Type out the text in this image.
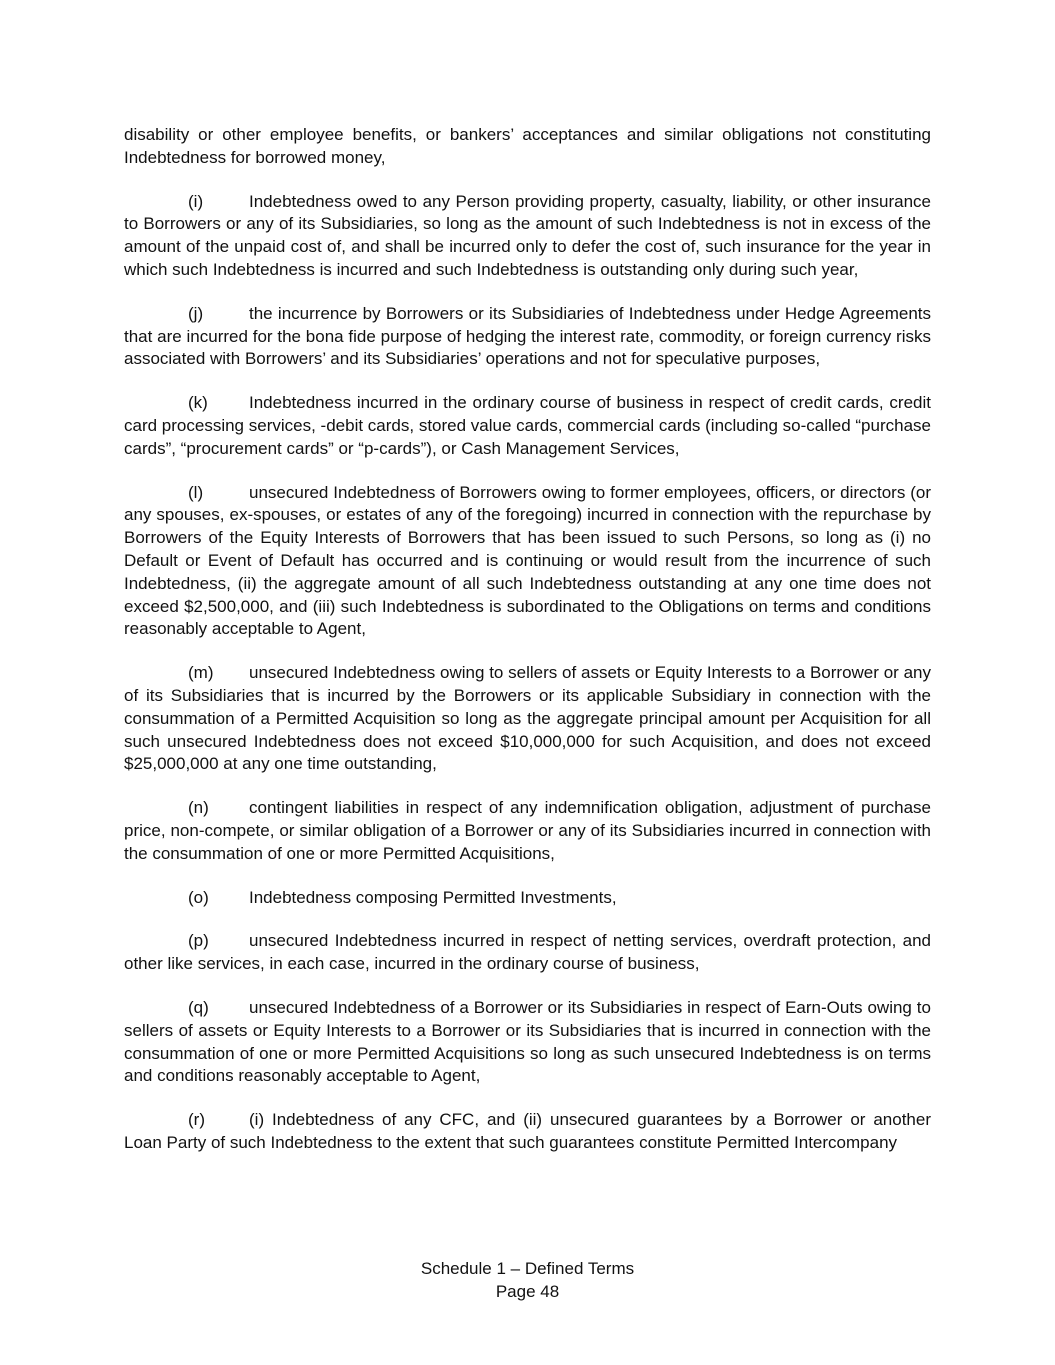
disability or other employee benefits, or bankers’ acceptances and similar obligations not constituting Indebtedness for borrowed money,

(i)	Indebtedness owed to any Person providing property, casualty, liability, or other insurance to Borrowers or any of its Subsidiaries, so long as the amount of such Indebtedness is not in excess of the amount of the unpaid cost of, and shall be incurred only to defer the cost of, such insurance for the year in which such Indebtedness is incurred and such Indebtedness is outstanding only during such year,

(j)	the incurrence by Borrowers or its Subsidiaries of Indebtedness under Hedge Agreements that are incurred for the bona fide purpose of hedging the interest rate, commodity, or foreign currency risks associated with Borrowers’ and its Subsidiaries’ operations and not for speculative purposes,

(k) Indebtedness incurred in the ordinary course of business in respect of credit cards, credit card processing services, -debit cards, stored value cards, commercial cards (including so-called “purchase cards”, “procurement cards” or “p-cards”), or Cash Management Services,

(l)	unsecured Indebtedness of Borrowers owing to former employees, officers, or directors (or any spouses, ex-spouses, or estates of any of the foregoing) incurred in connection with the repurchase by Borrowers of the Equity Interests of Borrowers that has been issued to such Persons, so long as (i) no Default or Event of Default has occurred and is continuing or would result from the incurrence of such Indebtedness, (ii) the aggregate amount of all such Indebtedness outstanding at any one time does not exceed $2,500,000, and (iii) such Indebtedness is subordinated to the Obligations on terms and conditions reasonably acceptable to Agent,

(m) unsecured Indebtedness owing to sellers of assets or Equity Interests to a Borrower or any of its Subsidiaries that is incurred by the Borrowers or its applicable Subsidiary in connection with the consummation of a Permitted Acquisition so long as the aggregate principal amount per Acquisition for all such unsecured Indebtedness does not exceed $10,000,000 for such Acquisition, and does not exceed $25,000,000 at any one time outstanding,

(n) contingent liabilities in respect of any indemnification obligation, adjustment of purchase price, non-compete, or similar obligation of a Borrower or any of its Subsidiaries incurred in connection with the consummation of one or more Permitted Acquisitions,

(o) Indebtedness composing Permitted Investments,

(p) unsecured Indebtedness incurred in respect of netting services, overdraft protection, and other like services, in each case, incurred in the ordinary course of business,

(q) unsecured Indebtedness of a Borrower or its Subsidiaries in respect of Earn-Outs owing to sellers of assets or Equity Interests to a Borrower or its Subsidiaries that is incurred in connection with the consummation of one or more Permitted Acquisitions so long as such unsecured Indebtedness is on terms and conditions reasonably acceptable to Agent,

(r)	(i) Indebtedness of any CFC, and (ii) unsecured guarantees by a Borrower or another Loan Party of such Indebtedness to the extent that such guarantees constitute Permitted Intercompany

Schedule 1 – Defined Terms
Page 48
